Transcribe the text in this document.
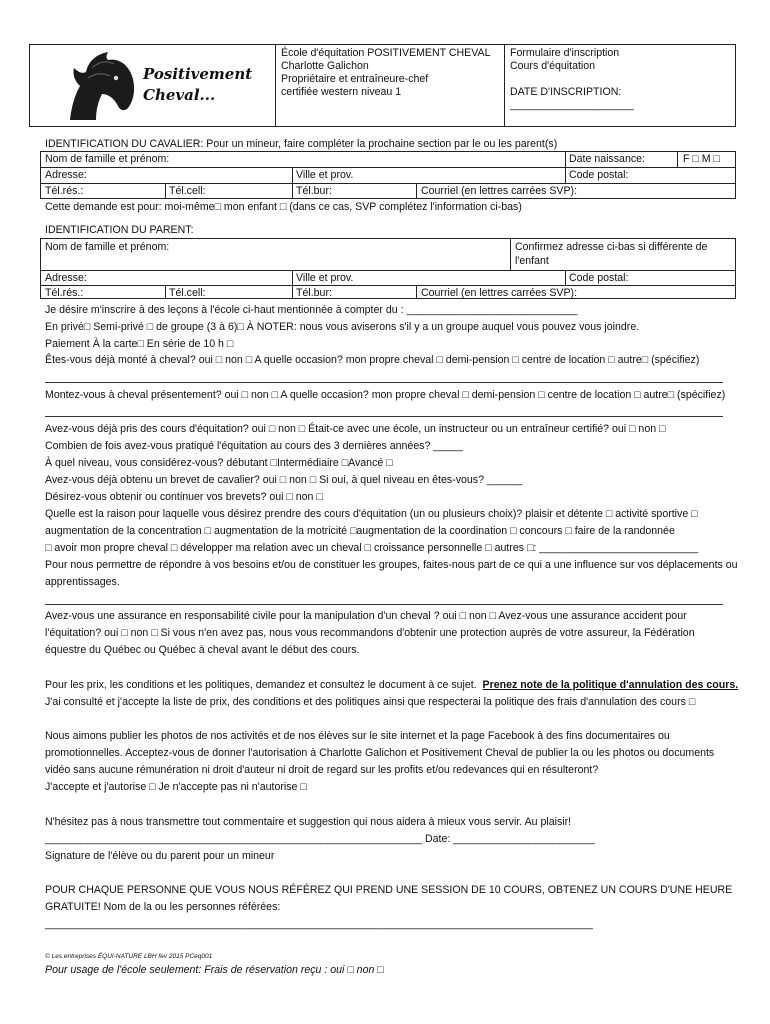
Positivement
Cheval...

École d'équitation POSITIVEMENT CHEVAL
Charlotte Galichon
Propriétaire et entraîneure-chef
certifiée western niveau 1

Formulaire d'inscription
Cours d'équitation
DATE D'INSCRIPTION:
_____________________
IDENTIFICATION DU CAVALIER: Pour un mineur, faire compléter la prochaine section par le ou les parent(s)
Nom de famille et prénom:	Date naissance:	F □ M □
Adresse:	Ville et prov.	Code postal:
Tél.rés.:	Tél.cell:	Tél.bur:	Courriel (en lettres carrées SVP):
Cette demande est pour: moi-même□ mon enfant □ (dans ce cas, SVP complétez l'information ci-bas)
IDENTIFICATION DU PARENT:
Nom de famille et prénom:	Confirmez adresse ci-bas si différente de
l'enfant
Adresse:	Ville et prov.	Code postal:
Tél.rés.:	Tél.cell:	Tél.bur:	Courriel (en lettres carrées SVP):
Je désire m'inscrire à des leçons à l'école ci-haut mentionnée à compter du : _____________________________
En privé□ Semi-privé □ de groupe (3 à 6)□ À NOTER: nous vous aviserons s'il y a un groupe auquel vous pouvez vous joindre.
Paiement À la carte□ En série de 10 h □
Êtes-vous déjà monté à cheval? oui □ non □ A quelle occasion? mon propre cheval □ demi-pension □ centre de location □ autre□ (spécifiez)
Montez-vous à cheval présentement? oui □ non □ A quelle occasion? mon propre cheval □ demi-pension □ centre de location □ autre□ (spécifiez)
Avez-vous déjà pris des cours d'équitation? oui □ non □ Était-ce avec une école, un instructeur ou un entraîneur certifié? oui □ non □
Combien de fois avez-vous pratiqué l'équitation au cours des 3 dernières années? _____
À quel niveau, vous considérez-vous? débutant □Intermédiaire □Avancé □
Avez-vous déjà obtenu un brevet de cavalier? oui □ non □ Si oui, à quel niveau en êtes-vous? ______
Désirez-vous obtenir ou continuer vos brevets? oui □ non □
Quelle est la raison pour laquelle vous désirez prendre des cours d'équitation (un ou plusieurs choix)? plaisir et détente □ activité sportive □
augmentation de la concentration □ augmentation de la motricité □augmentation de la coordination □ concours □ faire de la randonnée
□ avoir mon propre cheval □ développer ma relation avec un cheval □ croissance personnelle □ autres □: ___________________________
Pour nous permettre de répondre à vos besoins et/ou de constituer les groupes, faites-nous part de ce qui a une influence sur vos déplacements ou
apprentissages.
Avez-vous une assurance en responsabilité civile pour la manipulation d'un cheval ? oui □ non □ Avez-vous une assurance accident pour
l'équitation? oui □ non □ Si vous n'en avez pas, nous vous recommandons d'obtenir une protection auprès de votre assureur, la Fédération
équestre du Québec ou Québec à cheval avant le début des cours.
Pour les prix, les conditions et les politiques, demandez et consultez le document à ce sujet. Prenez note de la politique d'annulation des cours.
J'ai consulté et j'accepte la liste de prix, des conditions et des politiques ainsi que respecterai la politique des frais d'annulation des cours □
Nous aimons publier les photos de nos activités et de nos élèves sur le site internet et la page Facebook à des fins documentaires ou
promotionnelles. Acceptez-vous de donner l'autorisation à Charlotte Galichon et Positivement Cheval de publier la ou les photos ou documents
vidéo sans aucune rémunération ni droit d'auteur ni droit de regard sur les profits et/ou redevances qui en résulteront?
J'accepte et j'autorise □ Je n'accepte pas ni n'autorise □
N'hésitez pas à nous transmettre tout commentaire et suggestion qui nous aidera à mieux vous servir. Au plaisir!
________________________________________________________________ Date: ________________________
Signature de l'élève ou du parent pour un mineur
POUR CHAQUE PERSONNE QUE VOUS NOUS RÉFÉREZ QUI PREND UNE SESSION DE 10 COURS, OBTENEZ UN COURS D'UNE HEURE
GRATUITE! Nom de la ou les personnes référées:
_____________________________________________________________________________________________
© Les entreprises ÉQUI-NATURE LBH fev 2015 PCeq001
Pour usage de l'école seulement: Frais de réservation reçu : oui □ non □
